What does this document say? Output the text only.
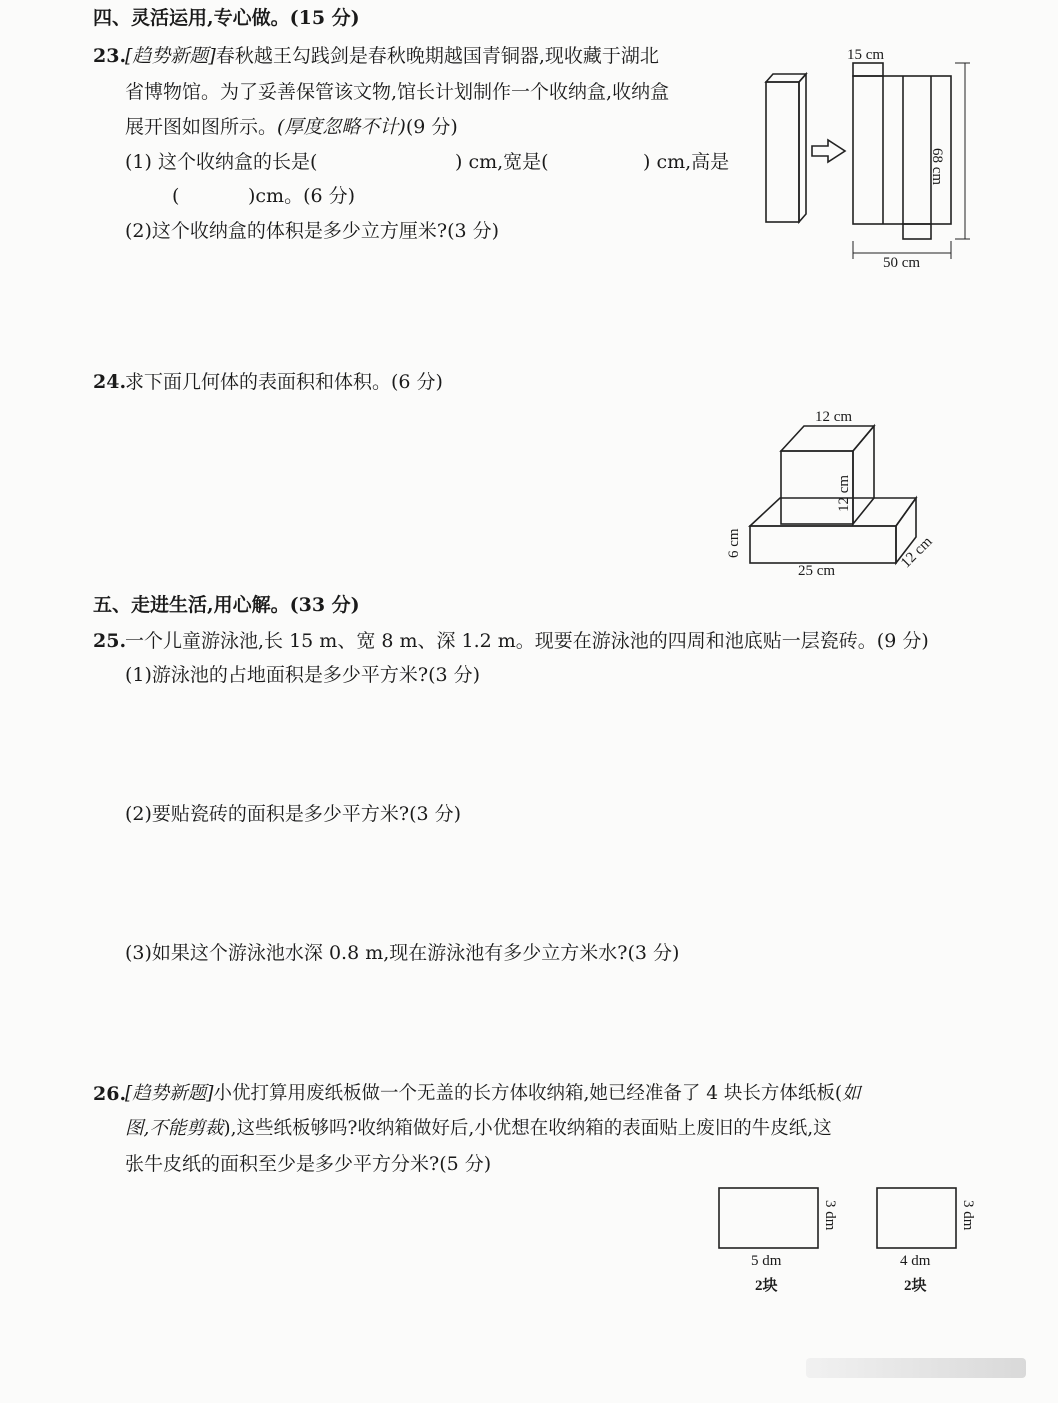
四、灵活运用,专心做。(15 分)
23.
[趋势新题]春秋越王勾践剑是春秋晚期越国青铜器,现收藏于湖北
省博物馆。为了妥善保管该文物,馆长计划制作一个收纳盒,收纳盒
展开图如图所示。(厚度忽略不计)(9 分)
(1) 这个收纳盒的长是(	) cm,宽是(	) cm,高是
(	)cm。(6 分)
(2)这个收纳盒的体积是多少立方厘米?(3 分)
15 cm
68 cm
50 cm
24.
求下面几何体的表面积和体积。(6 分)
12 cm
12 cm
6 cm
25 cm	12 cm
五、走进生活,用心解。(33 分)
25.
一个儿童游泳池,长 15 m、宽 8 m、深 1.2 m。现要在游泳池的四周和池底贴一层瓷砖。(9 分)
(1)游泳池的占地面积是多少平方米?(3 分)
(2)要贴瓷砖的面积是多少平方米?(3 分)
(3)如果这个游泳池水深 0.8 m,现在游泳池有多少立方米水?(3 分)
26.
[趋势新题]小优打算用废纸板做一个无盖的长方体收纳箱,她已经准备了 4 块长方体纸板(如
图,不能剪裁),这些纸板够吗?收纳箱做好后,小优想在收纳箱的表面贴上废旧的牛皮纸,这
张牛皮纸的面积至少是多少平方分米?(5 分)
3 dm
5 dm
2块
3 dm
4 dm
2块
